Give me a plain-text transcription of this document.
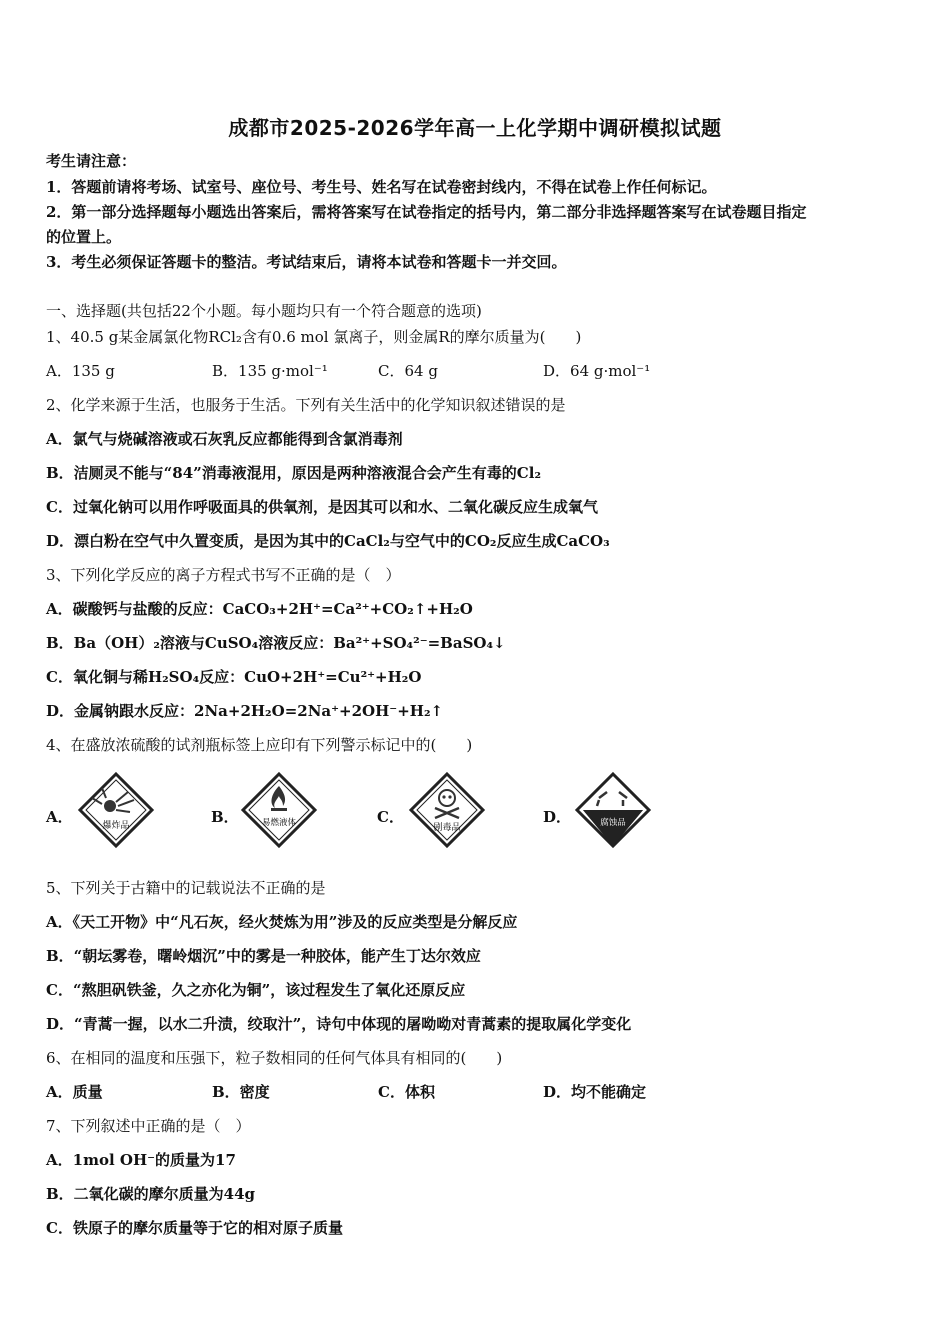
成都市2025-2026学年高一上化学期中调研模拟试题
考生请注意：
1．答题前请将考场、试室号、座位号、考生号、姓名写在试卷密封线内，不得在试卷上作任何标记。
2．第一部分选择题每小题选出答案后，需将答案写在试卷指定的括号内，第二部分非选择题答案写在试卷题目指定
的位置上。
3．考生必须保证答题卡的整洁。考试结束后，请将本试卷和答题卡一并交回。
一、选择题(共包括22个小题。每小题均只有一个符合题意的选项)
1、40.5 g某金属氯化物RCl₂含有0.6 mol 氯离子，则金属R的摩尔质量为(　　)
A．135 g	B．135 g·mol⁻¹	C．64 g	D．64 g·mol⁻¹
2、化学来源于生活，也服务于生活。下列有关生活中的化学知识叙述错误的是
A．氯气与烧碱溶液或石灰乳反应都能得到含氯消毒剂
B．洁厕灵不能与“84”消毒液混用，原因是两种溶液混合会产生有毒的Cl₂
C．过氧化钠可以用作呼吸面具的供氧剂，是因其可以和水、二氧化碳反应生成氧气
D．漂白粉在空气中久置变质，是因为其中的CaCl₂与空气中的CO₂反应生成CaCO₃
3、下列化学反应的离子方程式书写不正确的是（　）
A．碳酸钙与盐酸的反应：CaCO₃+2H⁺=Ca²⁺+CO₂↑+H₂O
B．Ba（OH）₂溶液与CuSO₄溶液反应：Ba²⁺+SO₄²⁻=BaSO₄↓
C．氧化铜与稀H₂SO₄反应：CuO+2H⁺=Cu²⁺+H₂O
D．金属钠跟水反应：2Na+2H₂O=2Na⁺+2OH⁻+H₂↑
4、在盛放浓硫酸的试剂瓶标签上应印有下列警示标记中的(　　)
A．	爆炸品	B．	易燃液体	C．
剧毒品
D．	腐蚀品
5、下列关于古籍中的记载说法不正确的是
A．《天工开物》中“凡石灰，经火焚炼为用”涉及的反应类型是分解反应
B．“朝坛雾卷，曙岭烟沉”中的雾是一种胶体，能产生丁达尔效应
C．“熬胆矾铁釜，久之亦化为铜”，该过程发生了氧化还原反应
D．“青蒿一握，以水二升渍，绞取汁”，诗句中体现的屠呦呦对青蒿素的提取属化学变化
6、在相同的温度和压强下，粒子数相同的任何气体具有相同的(　　)
A．质量	B．密度	C．体积	D．均不能确定
7、下列叙述中正确的是（　）
A．1mol OH⁻的质量为17
B．二氧化碳的摩尔质量为44g
C．铁原子的摩尔质量等于它的相对原子质量
